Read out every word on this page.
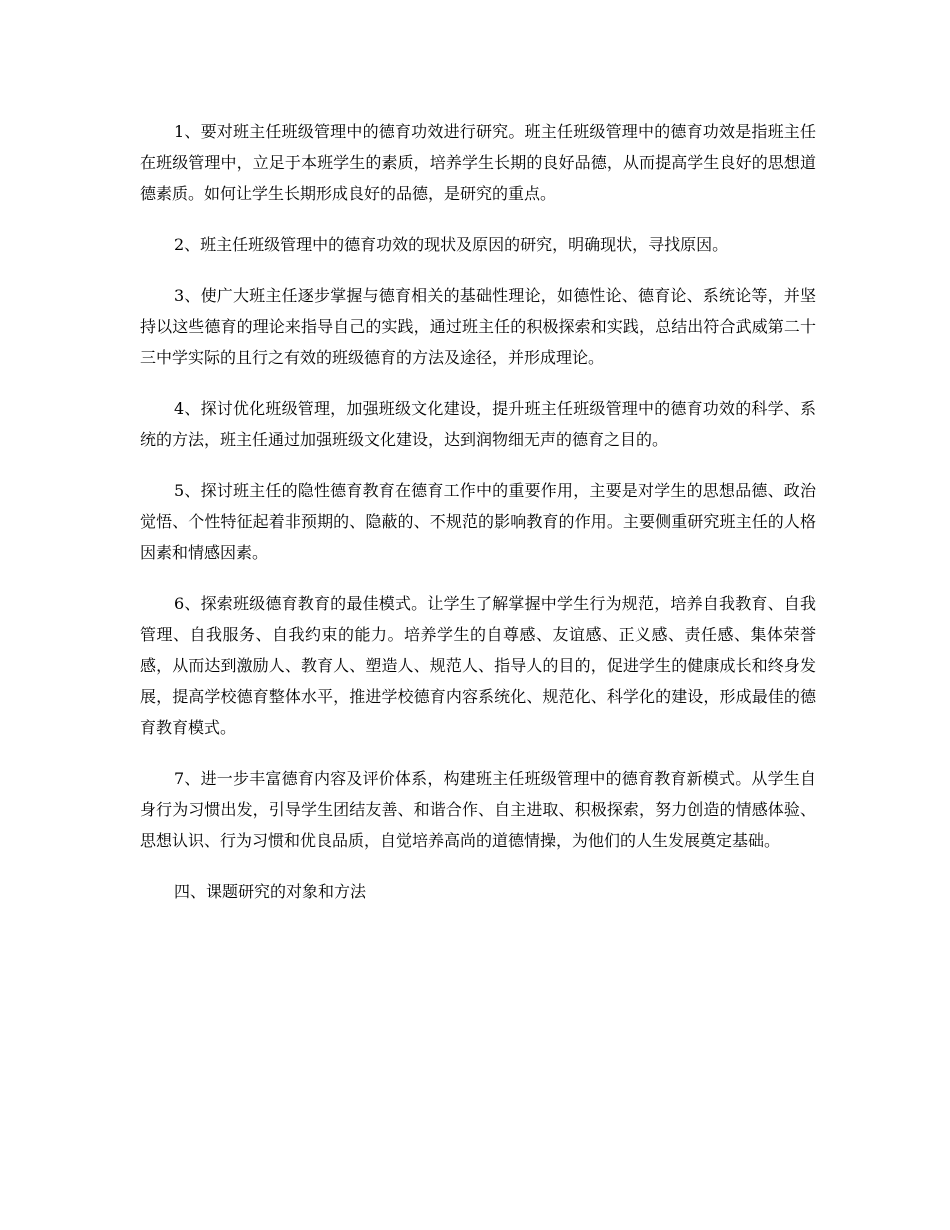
1、要对班主任班级管理中的德育功效进行研究。班主任班级管理中的德育功效是指班主任在班级管理中，立足于本班学生的素质，培养学生长期的良好品德，从而提高学生良好的思想道德素质。如何让学生长期形成良好的品德，是研究的重点。

2、班主任班级管理中的德育功效的现状及原因的研究，明确现状，寻找原因。

3、使广大班主任逐步掌握与德育相关的基础性理论，如德性论、德育论、系统论等，并坚持以这些德育的理论来指导自己的实践，通过班主任的积极探索和实践，总结出符合武威第二十三中学实际的且行之有效的班级德育的方法及途径，并形成理论。

4、探讨优化班级管理，加强班级文化建设，提升班主任班级管理中的德育功效的科学、系统的方法，班主任通过加强班级文化建设，达到润物细无声的德育之目的。

5、探讨班主任的隐性德育教育在德育工作中的重要作用，主要是对学生的思想品德、政治觉悟、个性特征起着非预期的、隐蔽的、不规范的影响教育的作用。主要侧重研究班主任的人格因素和情感因素。

6、探索班级德育教育的最佳模式。让学生了解掌握中学生行为规范，培养自我教育、自我管理、自我服务、自我约束的能力。培养学生的自尊感、友谊感、正义感、责任感、集体荣誉感，从而达到激励人、教育人、塑造人、规范人、指导人的目的，促进学生的健康成长和终身发展，提高学校德育整体水平，推进学校德育内容系统化、规范化、科学化的建设，形成最佳的德育教育模式。

7、进一步丰富德育内容及评价体系，构建班主任班级管理中的德育教育新模式。从学生自身行为习惯出发，引导学生团结友善、和谐合作、自主进取、积极探索，努力创造的情感体验、思想认识、行为习惯和优良品质，自觉培养高尚的道德情操，为他们的人生发展奠定基础。

四、课题研究的对象和方法
